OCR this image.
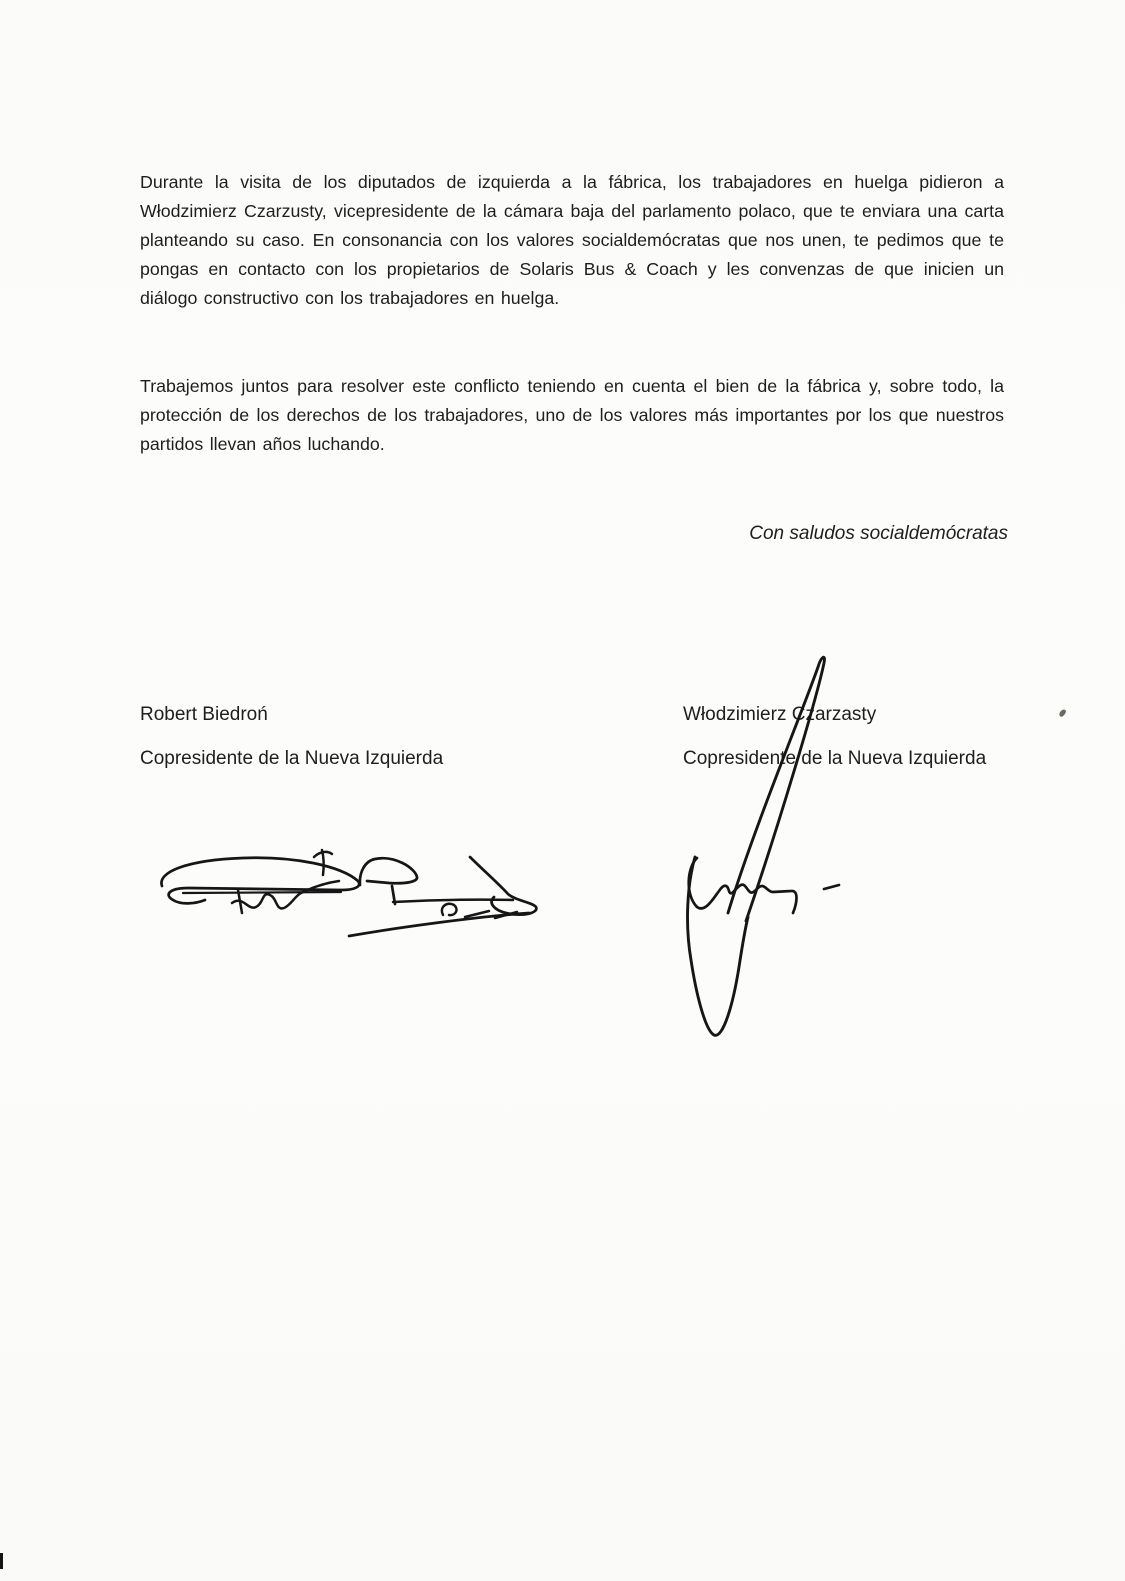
Durante la visita de los diputados de izquierda a la fábrica, los trabajadores en huelga pidieron a Włodzimierz Czarzusty, vicepresidente de la cámara baja del parlamento polaco, que te enviara una carta planteando su caso. En consonancia con los valores socialdemócratas que nos unen, te pedimos que te pongas en contacto con los propietarios de Solaris Bus & Coach y les convenzas de que inicien un diálogo constructivo con los trabajadores en huelga.
Trabajemos juntos para resolver este conflicto teniendo en cuenta el bien de la fábrica y, sobre todo, la protección de los derechos de los trabajadores, uno de los valores más importantes por los que nuestros partidos llevan años luchando.
Con saludos socialdemócratas
Robert Biedroń
Copresidente de la Nueva Izquierda
Włodzimierz Czarzasty
Copresidente de la Nueva Izquierda
